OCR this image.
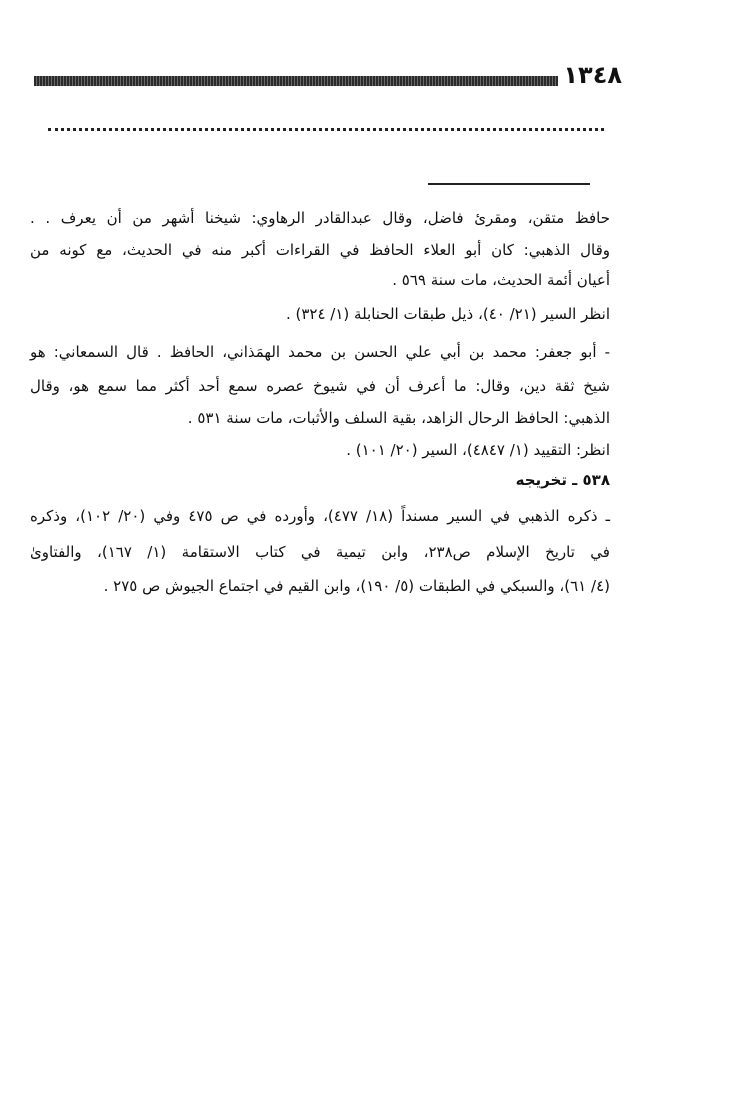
١٣٤٨
حافظ متقن، ومقرئ فاضل، وقال عبدالقادر الرهاوي: شيخنا أشهر من أن يعرف . .
وقال الذهبي: كان أبو العلاء الحافظ في القراءات أكبر منه في الحديث، مع كونه من
أعيان أئمة الحديث، مات سنة ٥٦٩ .
انظر السير (٢١/ ٤٠)، ذيل طبقات الحنابلة (١/ ٣٢٤) .
- أبو جعفر: محمد بن أبي علي الحسن بن محمد الهمَذاني، الحافظ . قال السمعاني: هو
شيخ ثقة دين، وقال: ما أعرف أن في شيوخ عصره سمع أحد أكثر مما سمع هو، وقال
الذهبي: الحافظ الرحال الزاهد، بقية السلف والأثبات، مات سنة ٥٣١ .
انظر: التقييد (١/ ٤٨٤٧)، السير (٢٠/ ١٠١) .
٥٣٨ ـ تخريجه
ـ ذكره الذهبي في السير مسنداً (١٨/ ٤٧٧)، وأورده في ص ٤٧٥ وفي (٢٠/ ١٠٢)، وذكره
في تاريخ الإسلام ص٢٣٨، وابن تيمية في كتاب الاستقامة (١/ ١٦٧)، والفتاوىٰ
(٤/ ٦١)، والسبكي في الطبقات (٥/ ١٩٠)، وابن القيم في اجتماع الجيوش ص ٢٧٥ .
